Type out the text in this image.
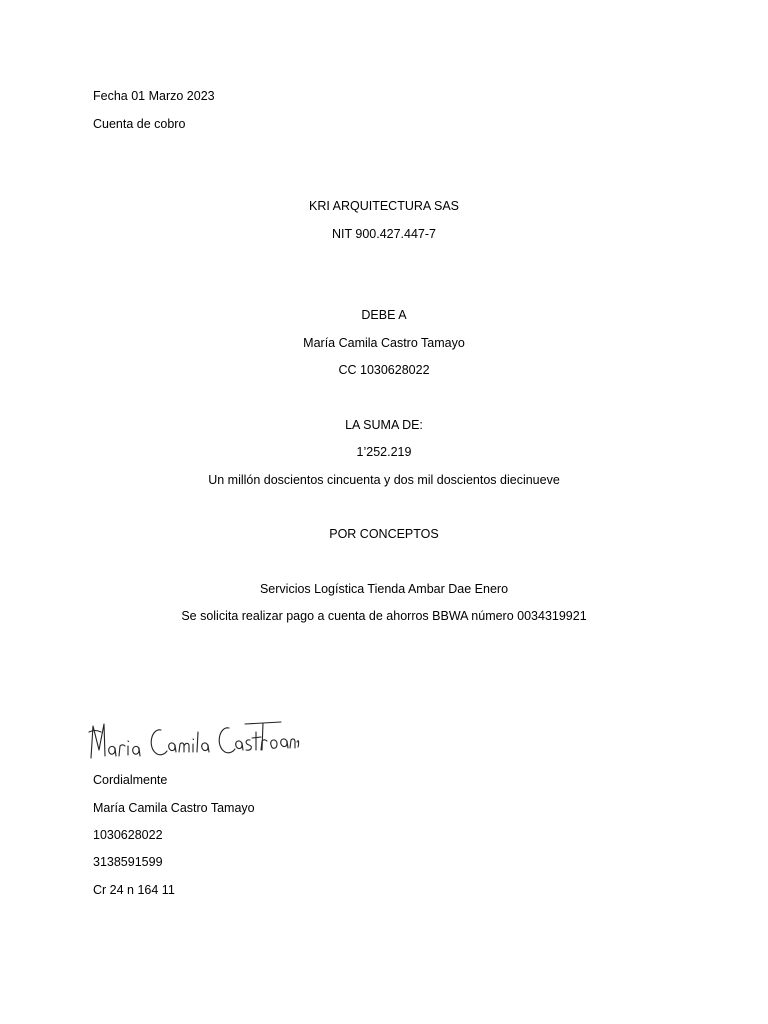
Fecha 01 Marzo 2023
Cuenta de cobro
KRI ARQUITECTURA SAS
NIT 900.427.447-7
DEBE A
María Camila Castro Tamayo
CC 1030628022
LA SUMA DE:
1’252.219
Un millón doscientos cincuenta y dos mil doscientos diecinueve
POR CONCEPTOS
Servicios Logística Tienda Ambar Dae Enero
Se solicita realizar pago a cuenta de ahorros BBWA número 0034319921
Cordialmente
María Camila Castro Tamayo
1030628022
3138591599
Cr 24 n 164 11
